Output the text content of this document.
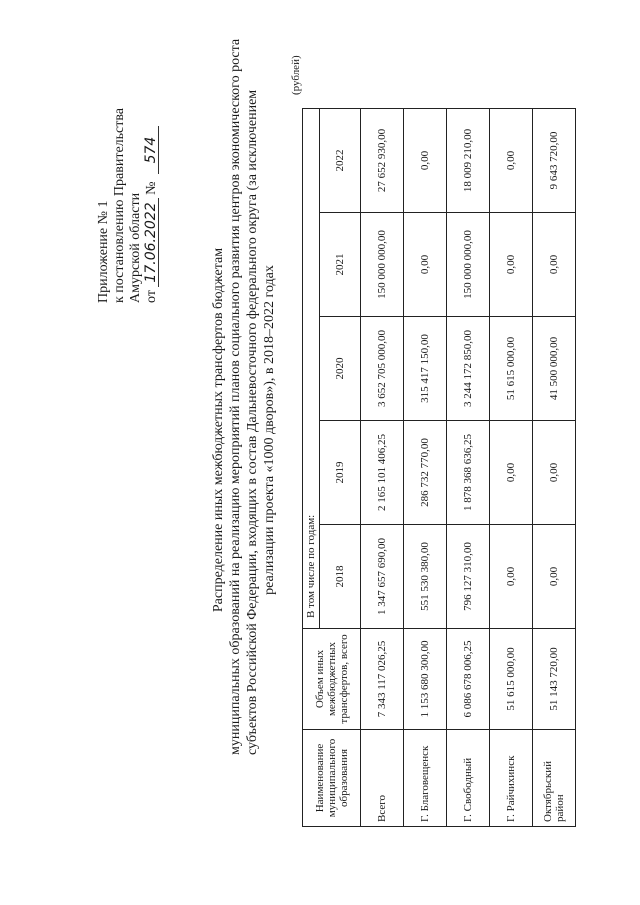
Приложение № 1 к постановлению Правительства Амурской области от 17.06.2022 № 574
Распределение иных межбюджетных трансфертов бюджетам муниципальных образований на реализацию мероприятий планов социального развития центров экономического роста субъектов Российской Федерации, входящих в состав Дальневосточного федерального округа (за исключением реализации проекта «1000 дворов»), в 2018–2022 годах
(рублей)
Наименование муниципального образования	Объем иных межбюджетных трансфертов, всего	В том числе по годам:				
		2018	2019	2020	2021	2022
Всего	7 343 117 026,25	1 347 657 690,00	2 165 101 406,25	3 652 705 000,00	150 000 000,00	27 652 930,00
Г. Благовещенск	1 153 680 300,00	551 530 380,00	286 732 770,00	315 417 150,00	0,00	0,00
Г. Свободный	6 086 678 006,25	796 127 310,00	1 878 368 636,25	3 244 172 850,00	150 000 000,00	18 009 210,00
Г. Райчихинск	51 615 000,00	0,00	0,00	51 615 000,00	0,00	0,00
Октябрьский район	51 143 720,00	0,00	0,00	41 500 000,00	0,00	9 643 720,00
